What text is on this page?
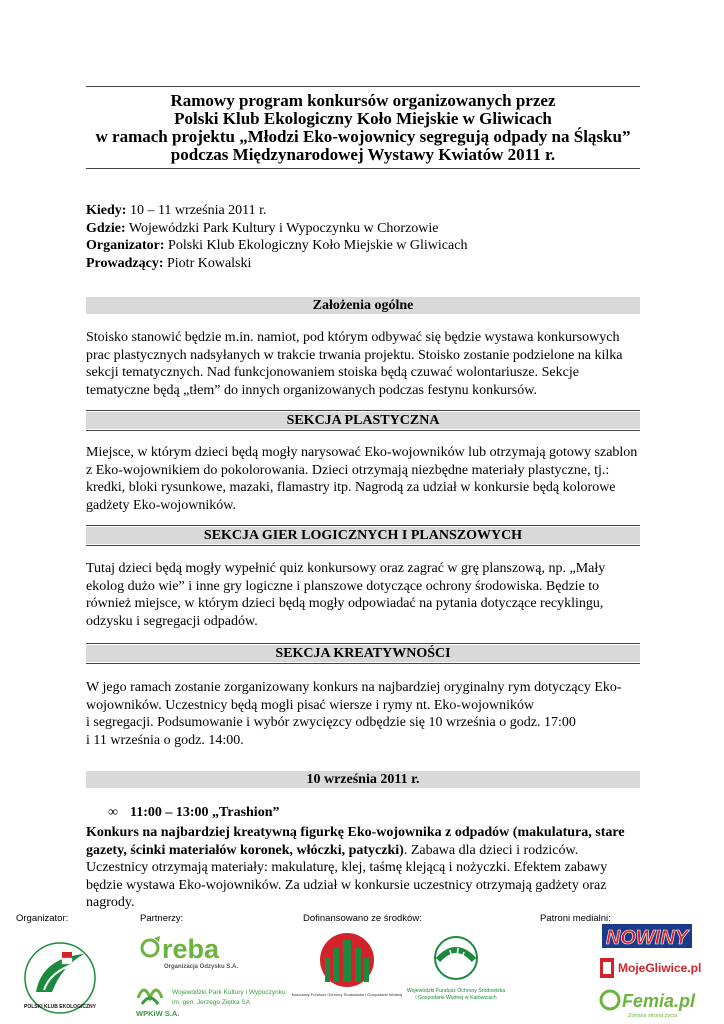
Ramowy program konkursów organizowanych przez
Polski Klub Ekologiczny Koło Miejskie w Gliwicach
w ramach projektu „Młodzi Eko-wojownicy segregują odpady na Śląsku”
podczas Międzynarodowej Wystawy Kwiatów 2011 r.
Kiedy: 10 – 11 września 2011 r.
Gdzie: Wojewódzki Park Kultury i Wypoczynku w Chorzowie
Organizator: Polski Klub Ekologiczny Koło Miejskie w Gliwicach
Prowadzący: Piotr Kowalski
Założenia ogólne
Stoisko stanowić będzie m.in. namiot, pod którym odbywać się będzie wystawa konkursowych
prac plastycznych nadsyłanych w trakcie trwania projektu. Stoisko zostanie podzielone na kilka
sekcji tematycznych. Nad funkcjonowaniem stoiska będą czuwać wolontariusze. Sekcje
tematyczne będą „tłem” do innych organizowanych podczas festynu konkursów.
SEKCJA PLASTYCZNA
Miejsce, w którym dzieci będą mogły narysować Eko-wojowników lub otrzymają gotowy szablon
z Eko-wojownikiem do pokolorowania. Dzieci otrzymają niezbędne materiały plastyczne, tj.:
kredki, bloki rysunkowe, mazaki, flamastry itp. Nagrodą za udział w konkursie będą kolorowe
gadżety Eko-wojowników.
SEKCJA GIER LOGICZNYCH I PLANSZOWYCH
Tutaj dzieci będą mogły wypełnić quiz konkursowy oraz zagrać w grę planszową, np. „Mały
ekolog dużo wie” i inne gry logiczne i planszowe dotyczące ochrony środowiska. Będzie to
również miejsce, w którym dzieci będą mogły odpowiadać na pytania dotyczące recyklingu,
odzysku i segregacji odpadów.
SEKCJA KREATYWNOŚCI
W jego ramach zostanie zorganizowany konkurs na najbardziej oryginalny rym dotyczący Eko-
wojowników. Uczestnicy będą mogli pisać wiersze i rymy nt. Eko-wojowników
i segregacji. Podsumowanie i wybór zwycięzcy odbędzie się 10 września o godz. 17:00
i 11 września o godz. 14:00.
10 września 2011 r.
∞ 11:00 – 13:00 „Trashion”
Konkurs na najbardziej kreatywną figurkę Eko-wojownika z odpadów (makulatura, stare
gazety, ścinki materiałów koronek, włóczki, patyczki). Zabawa dla dzieci i rodziców.
Uczestnicy otrzymają materiały: makulaturę, klej, taśmę klejącą i nożyczki. Efektem zabawy
będzie wystawa Eko-wojowników. Za udział w konkursie uczestnicy otrzymają gadżety oraz
nagrody.
Organizator:	Partnerzy:	Dofinansowano ze środków:	Patroni medialni:
POLSKI KLUB EKOLOGICZNY
reba
Organizacja Odzysku S.A.
WPKiW S.A.
Wojewódzki Park Kultury i Wypoczynku
im. gen. Jerzego Ziętka SA
Narodowy Fundusz Ochrony Środowiska i Gospodarki Wodnej
Wojewódzki Fundusz Ochrony Środowiska
i Gospodarki Wodnej w Katowicach
NOWINY
MojeGliwice.pl
Femia.pl
Zdrowa strona życia
